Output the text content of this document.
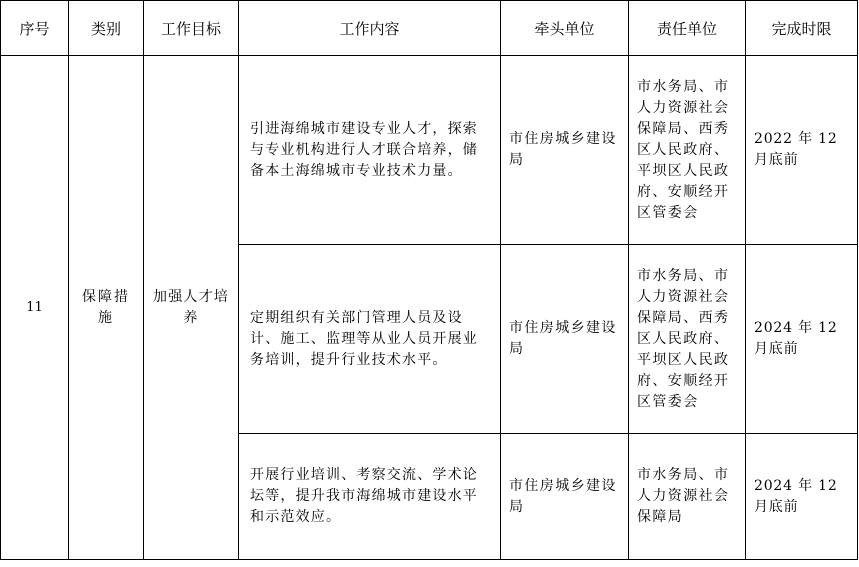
序号	类别	工作目标	工作内容	牵头单位	责任单位	完成时限
11	保障措施	加强人才培养	引进海绵城市建设专业人才，探索与专业机构进行人才联合培养，储备本土海绵城市专业技术力量。	市住房城乡建设局	市水务局、市人力资源社会保障局、西秀区人民政府、平坝区人民政府、安顺经开区管委会	2022 年 12 月底前
			定期组织有关部门管理人员及设计、施工、监理等从业人员开展业务培训，提升行业技术水平。	市住房城乡建设局	市水务局、市人力资源社会保障局、西秀区人民政府、平坝区人民政府、安顺经开区管委会	2024 年 12 月底前
			开展行业培训、考察交流、学术论坛等，提升我市海绵城市建设水平和示范效应。	市住房城乡建设局	市水务局、市人力资源社会保障局	2024 年 12 月底前
